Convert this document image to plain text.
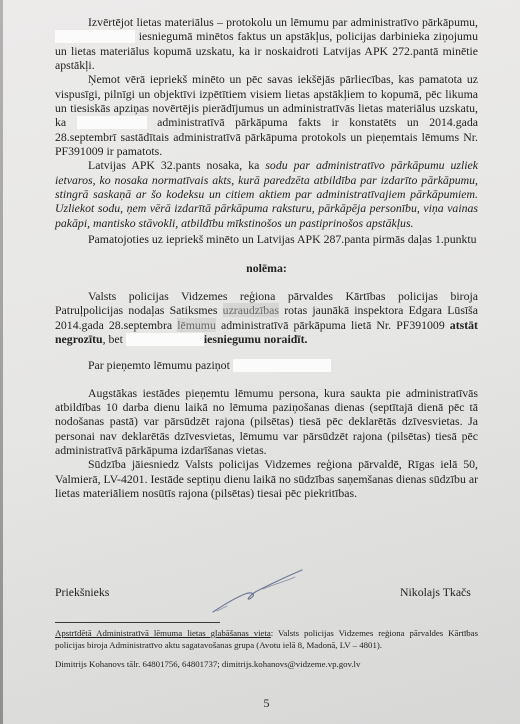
Izvērtējot lietas materiālus – protokolu un lēmumu par administratīvo pārkāpumu,  iesniegumā minētos faktus un apstākļus, policijas darbinieka ziņojumu un lietas materiālus kopumā uzskatu, ka ir noskaidroti Latvijas APK 272.pantā minētie apstākļi.

Ņemot vērā iepriekš minēto un pēc savas iekšējās pārliecības, kas pamatota uz vispusīgi, pilnīgi un objektīvi izpētītiem visiem lietas apstākļiem to kopumā, pēc likuma un tiesiskās apziņas novērtējis pierādījumus un administratīvās lietas materiālus uzskatu, ka	administratīvā pārkāpuma fakts ir konstatēts un 2014.gada 28.septembrī sastādītais administratīvā pārkāpuma protokols un pieņemtais lēmums Nr. PF391009 ir pamatots.

Latvijas APK 32.pants nosaka, ka sodu par administratīvo pārkāpumu uzliek ietvaros, ko nosaka normatīvais akts, kurā paredzēta atbildība par izdarīto pārkāpumu, stingrā saskaņā ar šo kodeksu un citiem aktiem par administratīvajiem pārkāpumiem. Uzliekot sodu, ņem vērā izdarītā pārkāpuma raksturu, pārkāpēja personību, viņa vainas pakāpi, mantisko stāvokli, atbildību mīkstinošos un pastiprinošos apstākļus.

Pamatojoties uz iepriekš minēto un Latvijas APK 287.panta pirmās daļas 1.punktu

nolēma:

Valsts policijas Vidzemes reģiona pārvaldes Kārtības policijas biroja Patruļpolicijas nodaļas Satiksmes uzraudzības rotas jaunākā inspektora Edgara Lūsīša 2014.gada 28.septembra lēmumu administratīvā pārkāpuma lietā Nr. PF391009 atstāt negrozītu, bet	iesniegumu noraidīt.

Par pieņemto lēmumu paziņot

Augstākas iestādes pieņemtu lēmumu persona, kura saukta pie administratīvās atbildības 10 darba dienu laikā no lēmuma paziņošanas dienas (septītajā dienā pēc tā nodošanas pastā) var pārsūdzēt rajona (pilsētas) tiesā pēc deklarētās dzīvesvietas. Ja personai nav deklarētās dzīvesvietas, lēmumu var pārsūdzēt rajona (pilsētas) tiesā pēc administratīvā pārkāpuma izdarīšanas vietas.

Sūdzība jāiesniedz Valsts policijas Vidzemes reģiona pārvaldē, Rīgas ielā 50, Valmierā, LV-4201. Iestāde septiņu dienu laikā no sūdzības saņemšanas dienas sūdzību ar lietas materiāliem nosūtīs rajona (pilsētas) tiesai pēc piekritības.

Priekšnieks	Nikolajs Tkačs

Apstrīdētā Administratīvā lēmuma lietas glabāšanas vieta: Valsts policijas Vidzemes reģiona pārvaldes Kārtības policijas biroja Administratīvo aktu sagatavošanas grupa (Avotu ielā 8, Madonā, LV – 4801).

Dimitrijs Kohanovs tālr. 64801756, 64801737; dimitrijs.kohanovs@vidzeme.vp.gov.lv

5
